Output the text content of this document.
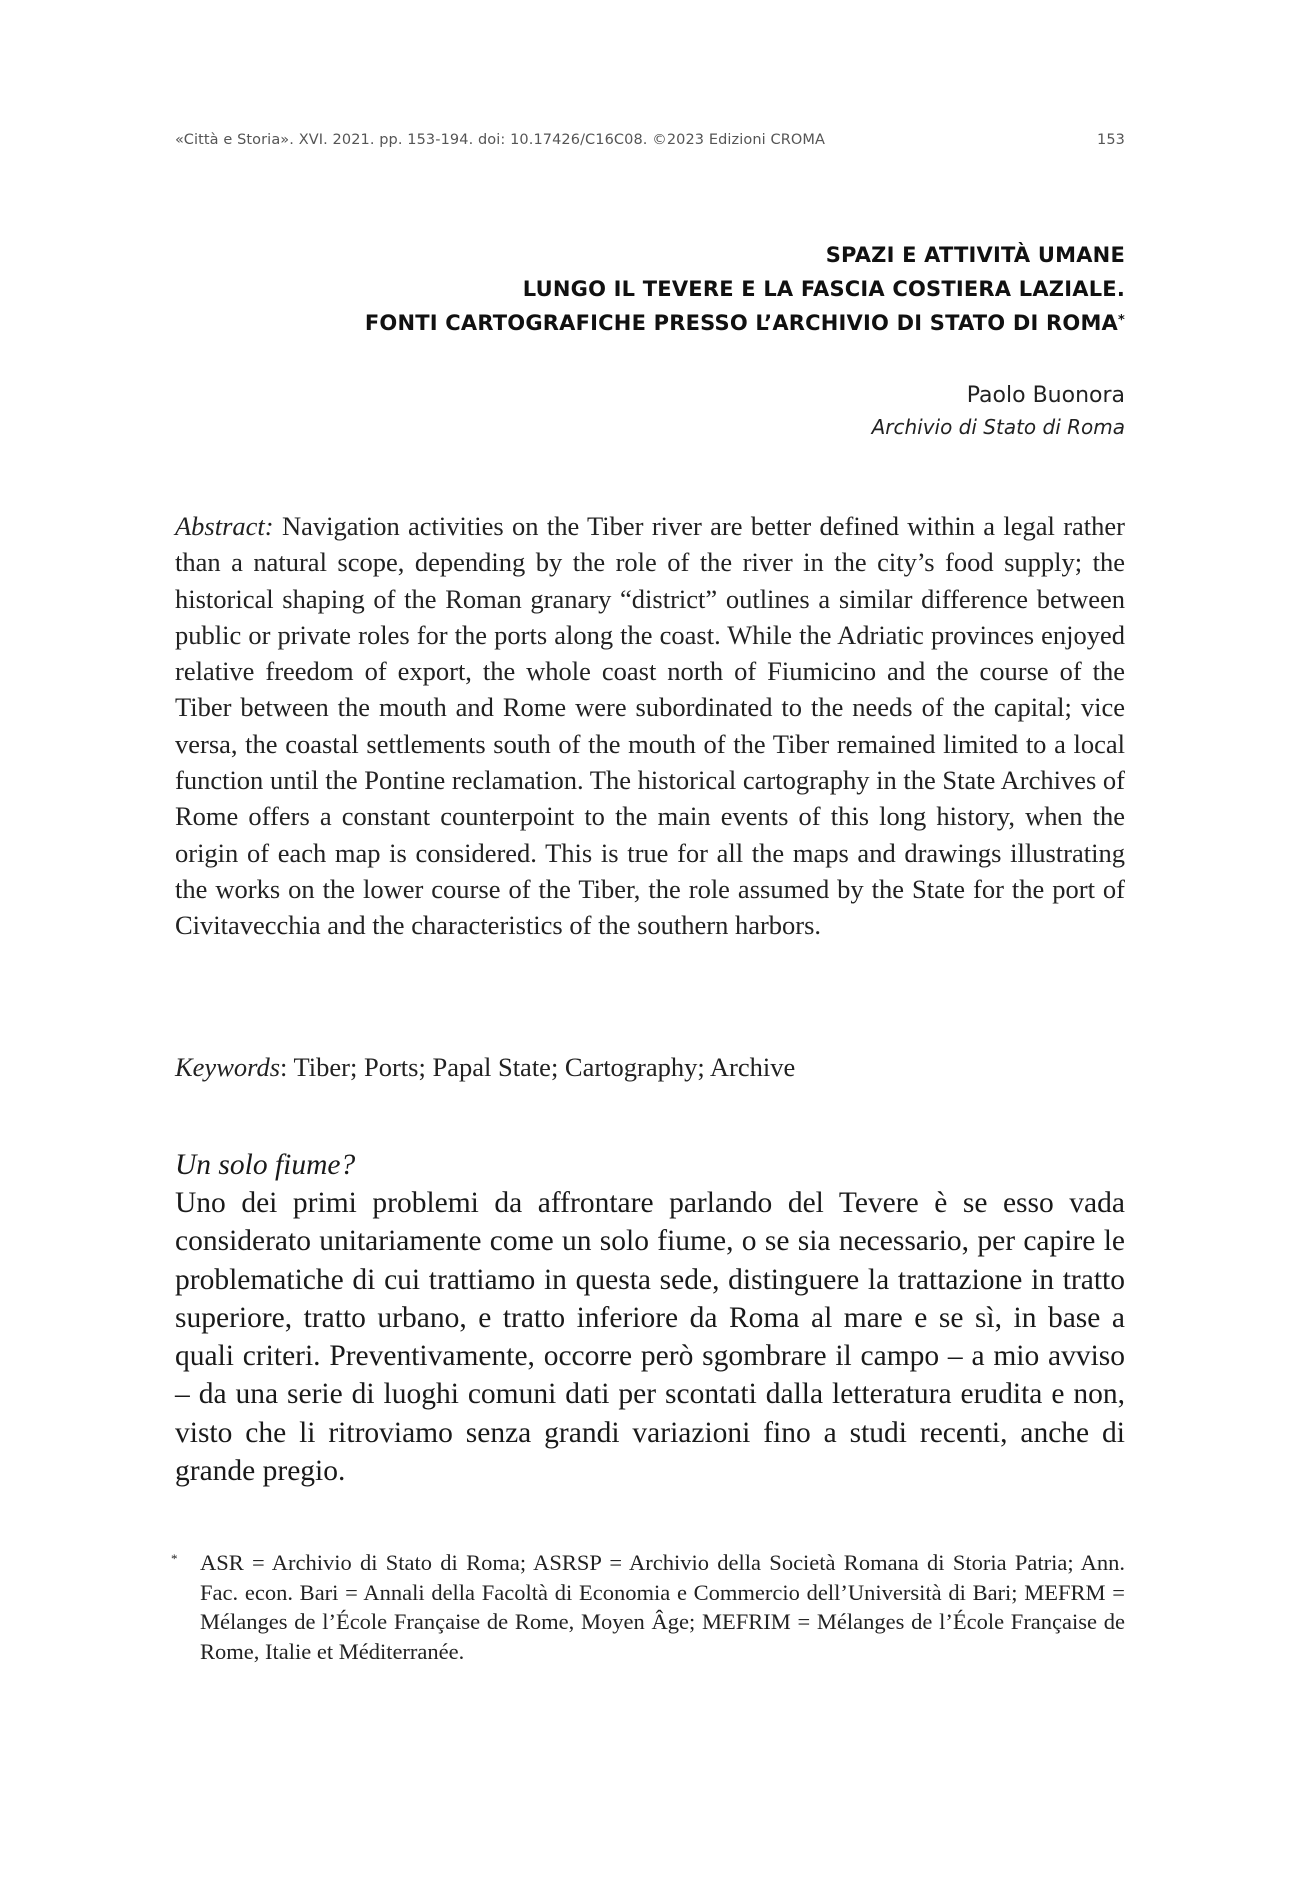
«Città e Storia». XVI. 2021. pp. 153-194. doi: 10.17426/C16C08. ©2023 Edizioni CROMA	153
SPAZI E ATTIVITÀ UMANE
LUNGO IL TEVERE E LA FASCIA COSTIERA LAZIALE.
FONTI CARTOGRAFICHE PRESSO L’ARCHIVIO DI STATO DI ROMA*
Paolo Buonora
Archivio di Stato di Roma

Abstract: Navigation activities on the Tiber river are better defined within a legal rather than a natural scope, depending by the role of the river in the city’s food supply; the historical shaping of the Roman granary “district” outlines a similar difference between public or private roles for the ports along the coast. While the Adriatic provinces enjoyed relative freedom of export, the whole coast north of Fiumicino and the course of the Tiber between the mouth and Rome were subordinated to the needs of the capital; vice versa, the coastal settlements south of the mouth of the Tiber remained limited to a local function until the Pontine reclamation. The historical cartography in the State Archives of Rome offers a constant counterpoint to the main events of this long history, when the origin of each map is considered. This is true for all the maps and drawings illustrating the works on the lower course of the Tiber, the role assumed by the State for the port of Civitavecchia and the characteristics of the southern harbors.

Keywords: Tiber; Ports; Papal State; Cartography; Archive

Un solo fiume?

Uno dei primi problemi da affrontare parlando del Tevere è se esso vada considerato unitariamente come un solo fiume, o se sia necessario, per capire le problematiche di cui trattiamo in questa sede, distinguere la trattazione in tratto superiore, tratto urbano, e tratto inferiore da Roma al mare e se sì, in base a quali criteri. Preventivamente, occorre però sgombrare il campo – a mio avviso – da una serie di luoghi comuni dati per scontati dalla letteratura erudita e non, visto che li ritroviamo senza grandi variazioni fino a studi recenti, anche di grande pregio.

*	ASR = Archivio di Stato di Roma; ASRSP = Archivio della Società Romana di Storia Patria; Ann. Fac. econ. Bari = Annali della Facoltà di Economia e Commercio dell’Università di Bari; MEFRM = Mélanges de l’École Française de Rome, Moyen Âge; MEFRIM = Mélanges de l’École Française de Rome, Italie et Méditerranée.
